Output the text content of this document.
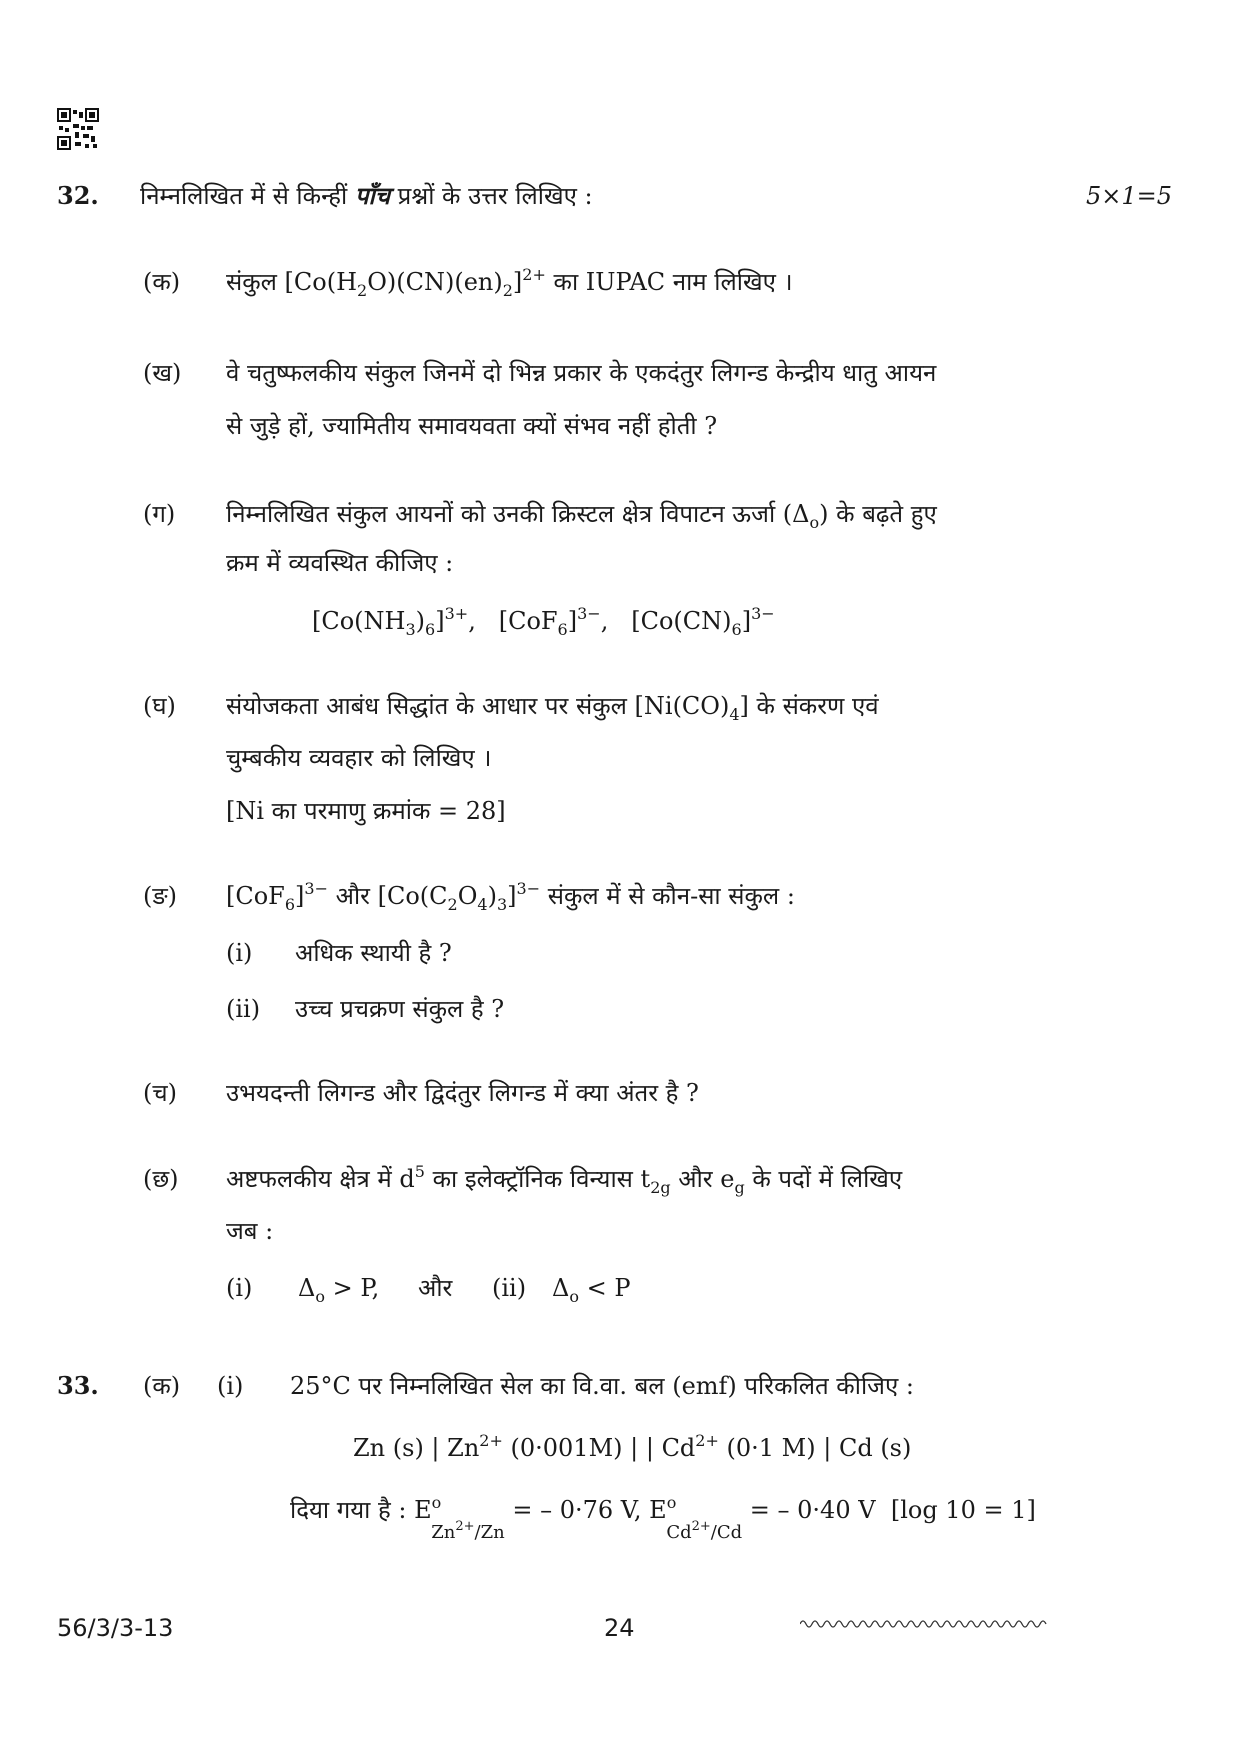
32. निम्नलिखित में से किन्हीं पाँच प्रश्नों के उत्तर लिखिए :	5×1=5
(क) संकुल $[Co(H_2O)(CN)(en)_2]^{2+}$ का IUPAC नाम लिखिए ।
(ख) वे चतुष्फलकीय संकुल जिनमें दो भिन्न प्रकार के एकदंतुर लिगन्ड केन्द्रीय धातु आयन
से जुड़े हों, ज्यामितीय समावयवता क्यों संभव नहीं होती ?
(ग) निम्नलिखित संकुल आयनों को उनकी क्रिस्टल क्षेत्र विपाटन ऊर्जा $(\Delta_o)$ के बढ़ते हुए
क्रम में व्यवस्थित कीजिए :
$[Co(NH_3)_6]^{3+}$, $[CoF_6]^{3-}$, $[Co(CN)_6]^{3-}$
(घ) संयोजकता आबंध सिद्धांत के आधार पर संकुल $[Ni(CO)_4]$ के संकरण एवं
चुम्बकीय व्यवहार को लिखिए ।
[Ni का परमाणु क्रमांक = 28]
(ङ) $[CoF_6]^{3-}$ और $[Co(C_2O_4)_3]^{3-}$ संकुल में से कौन-सा संकुल :
(i) अधिक स्थायी है ?
(ii) उच्च प्रचक्रण संकुल है ?
(च) उभयदन्ती लिगन्ड और द्विदंतुर लिगन्ड में क्या अंतर है ?
(छ) अष्टफलकीय क्षेत्र में $d^5$ का इलेक्ट्रॉनिक विन्यास $t_{2g}$ और $e_g$ के पदों में लिखिए
जब :
(i) $\Delta_o > P$, और (ii) $\Delta_o < P$
33. (क) (i) 25°C पर निम्नलिखित सेल का वि.वा. बल (emf) परिकलित कीजिए :
Zn (s) | $Zn^{2+}$ (0·001M) | | $Cd^{2+}$ (0·1 M) | Cd (s)
दिया गया है : $E^oZn^{2+}/Zn$ = – 0·76 V, $E^oCd^{2+}/Cd$ = – 0·40 V [log 10 = 1]
56/3/3-13	24
